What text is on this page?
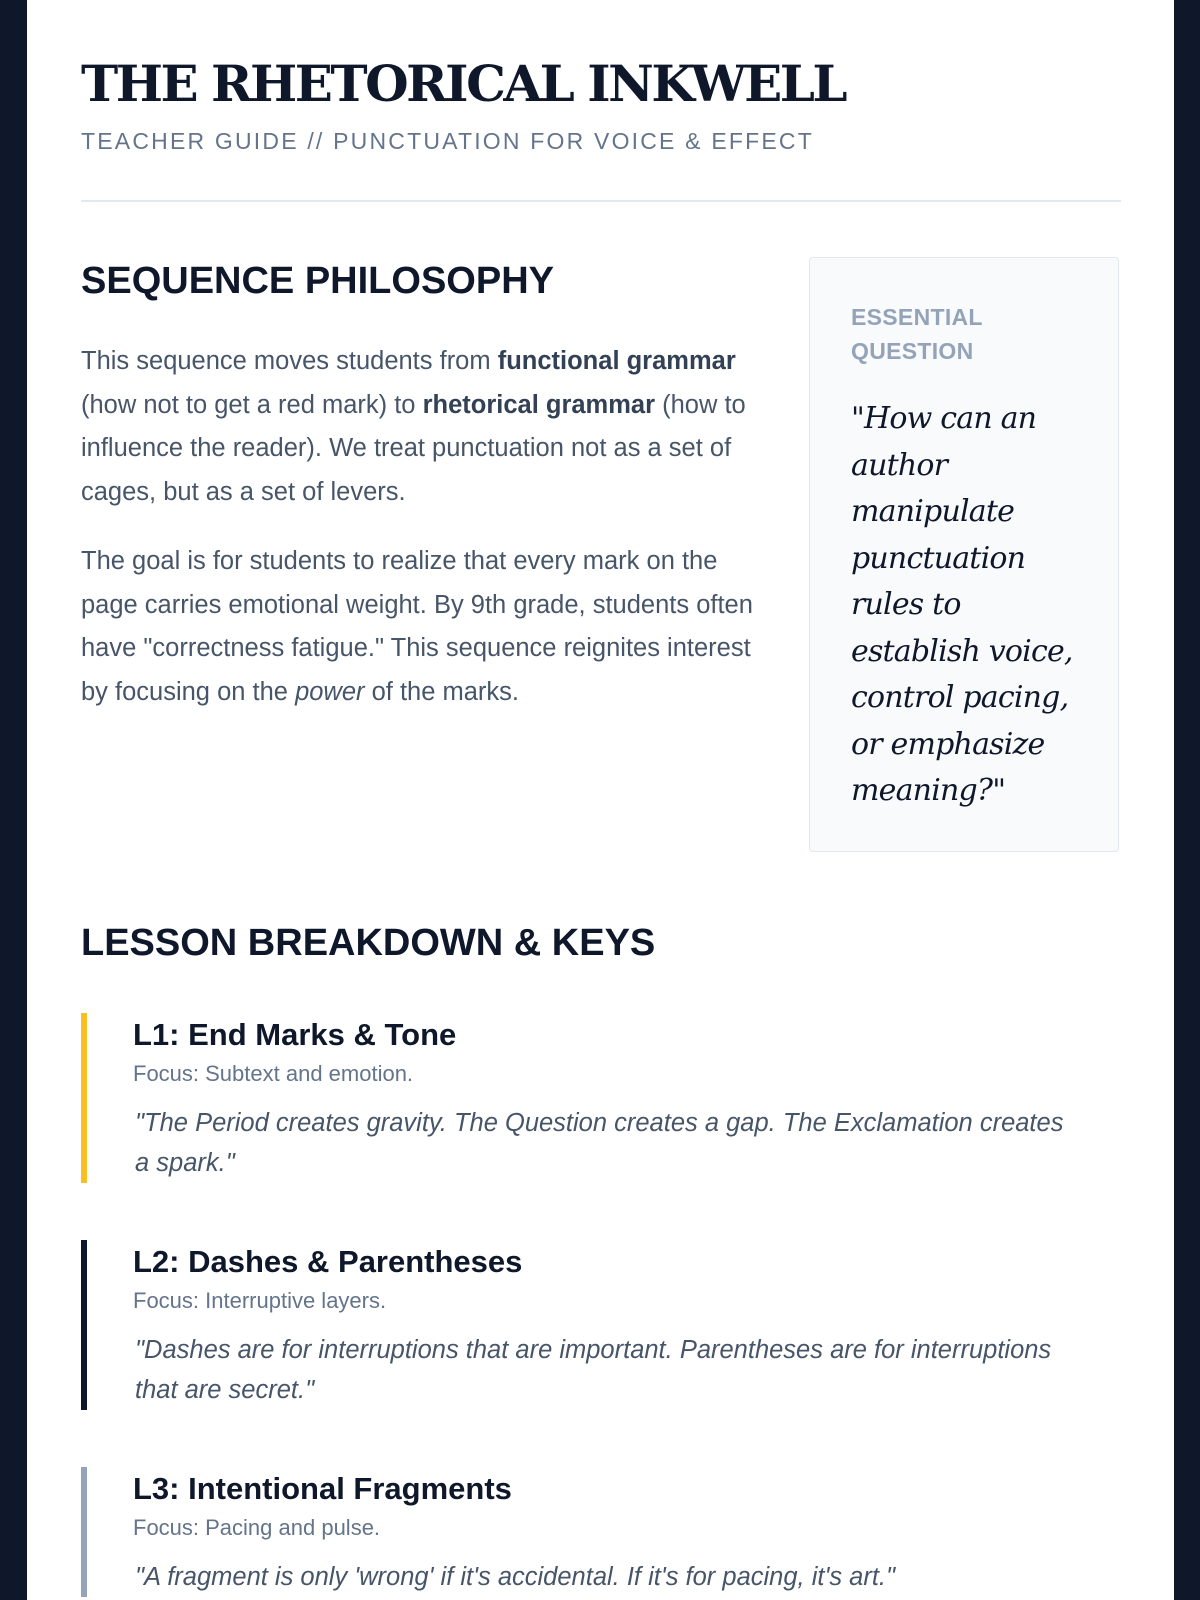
THE RHETORICAL INKWELL
TEACHER GUIDE // PUNCTUATION FOR VOICE & EFFECT
SEQUENCE PHILOSOPHY

This sequence moves students from functional grammar (how not to get a red mark) to rhetorical grammar (how to influence the reader). We treat punctuation not as a set of cages, but as a set of levers.

The goal is for students to realize that every mark on the page carries emotional weight. By 9th grade, students often have "correctness fatigue." This sequence reignites interest by focusing on the power of the marks.

ESSENTIAL QUESTION
"How can an author manipulate punctuation rules to establish voice, control pacing, or emphasize meaning?"
LESSON BREAKDOWN & KEYS
L1: End Marks & Tone
Focus: Subtext and emotion.
"The Period creates gravity. The Question creates a gap. The Exclamation creates a spark."
L2: Dashes & Parentheses
Focus: Interruptive layers.
"Dashes are for interruptions that are important. Parentheses are for interruptions that are secret."
L3: Intentional Fragments
Focus: Pacing and pulse.
"A fragment is only 'wrong' if it's accidental. If it's for pacing, it's art."
